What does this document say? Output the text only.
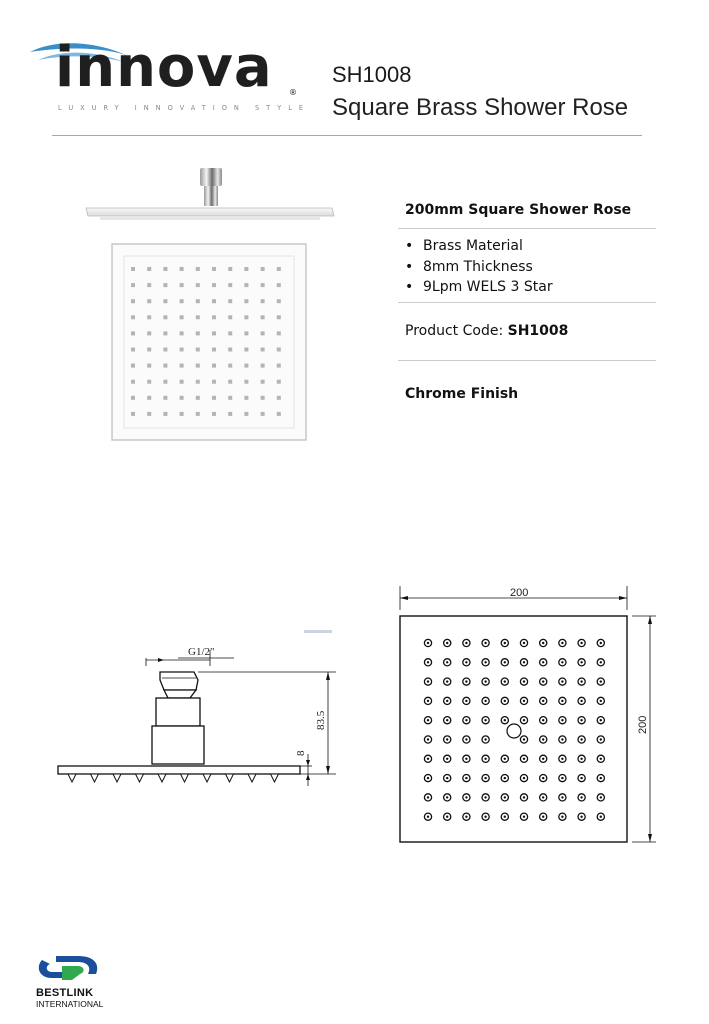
innova ®
LUXURY INNOVATION STYLE
SH1008
Square Brass Shower Rose
200mm Square Shower Rose
• Brass Material
• 8mm Thickness
• 9Lpm WELS 3 Star
Product Code: SH1008
Chrome Finish
G1/2"
83.5
8
200
200
BESTLINK
INTERNATIONAL
